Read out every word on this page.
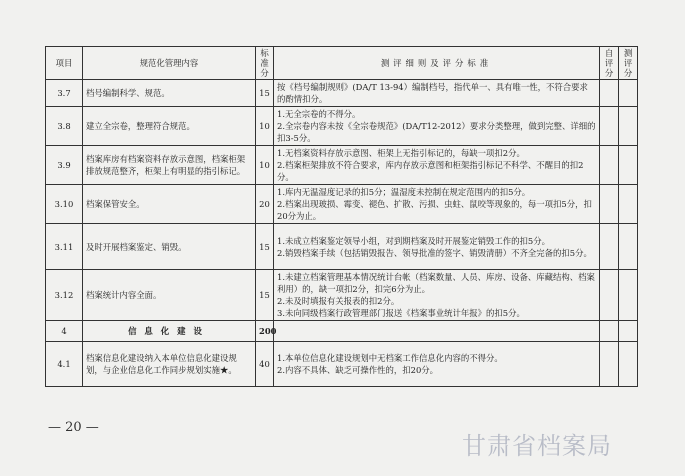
项目	规范化管理内容	标准分	测评细则及评分标准	自评分	测评分
3.7	档号编制科学、规范。	15	按《档号编制规则》(DA/T 13-94）编制档号，指代单一、具有唯一性，不符合要求的酌情扣分。		

3.8	建立全宗卷，整理符合规范。	10	1.无全宗卷的不得分。
2.全宗卷内容未按《全宗卷规范》(DA/T12-2012）要求分类整理，做到完整、详细的扣3-5分。		

3.9	档案库房有档案资料存放示意图，档案柜架排放规范整齐，柜架上有明显的指引标记。	10	1.无档案资料存放示意图、柜架上无指引标记的，每缺一项扣2分。
2.档案柜架排放不符合要求，库内存放示意图和柜架指引标记不科学、不醒目的扣2分。		

3.10	档案保管安全。	20	1.库内无温湿度记录的扣5分；温湿度未控制在规定范围内的扣5分。
2.档案出现玻损、霉变、褪色、扩散、污损、虫蛀、鼠咬等现象的，每一项扣5分，扣20分为止。		

3.11	及时开展档案鉴定、销毁。	15	1.未成立档案鉴定领导小组，对到期档案及时开展鉴定销毁工作的扣5分。
2.销毁档案手续（包括销毁报告、领导批准的签字、销毁清册）不齐全完备的扣5分。		

3.12	档案统计内容全面。	15	1.未建立档案管理基本情况统计台帐（档案数量、人员、库房、设备、库藏结构、档案利用）的，缺一项扣2分，扣完6分为止。
2.未及时填报有关报表的扣2分。
3.未向同级档案行政管理部门报送《档案事业统计年报》的扣5分。		

4	信息化建设	200			
4.1	档案信息化建设纳入本单位信息化建设规划，与企业信息化工作同步规划实施★。	40	1.本单位信息化建设规划中无档案工作信息化内容的不得分。
2.内容不具体、缺乏可操作性的，扣20分。		

— 20 —
甘肃省档案局
